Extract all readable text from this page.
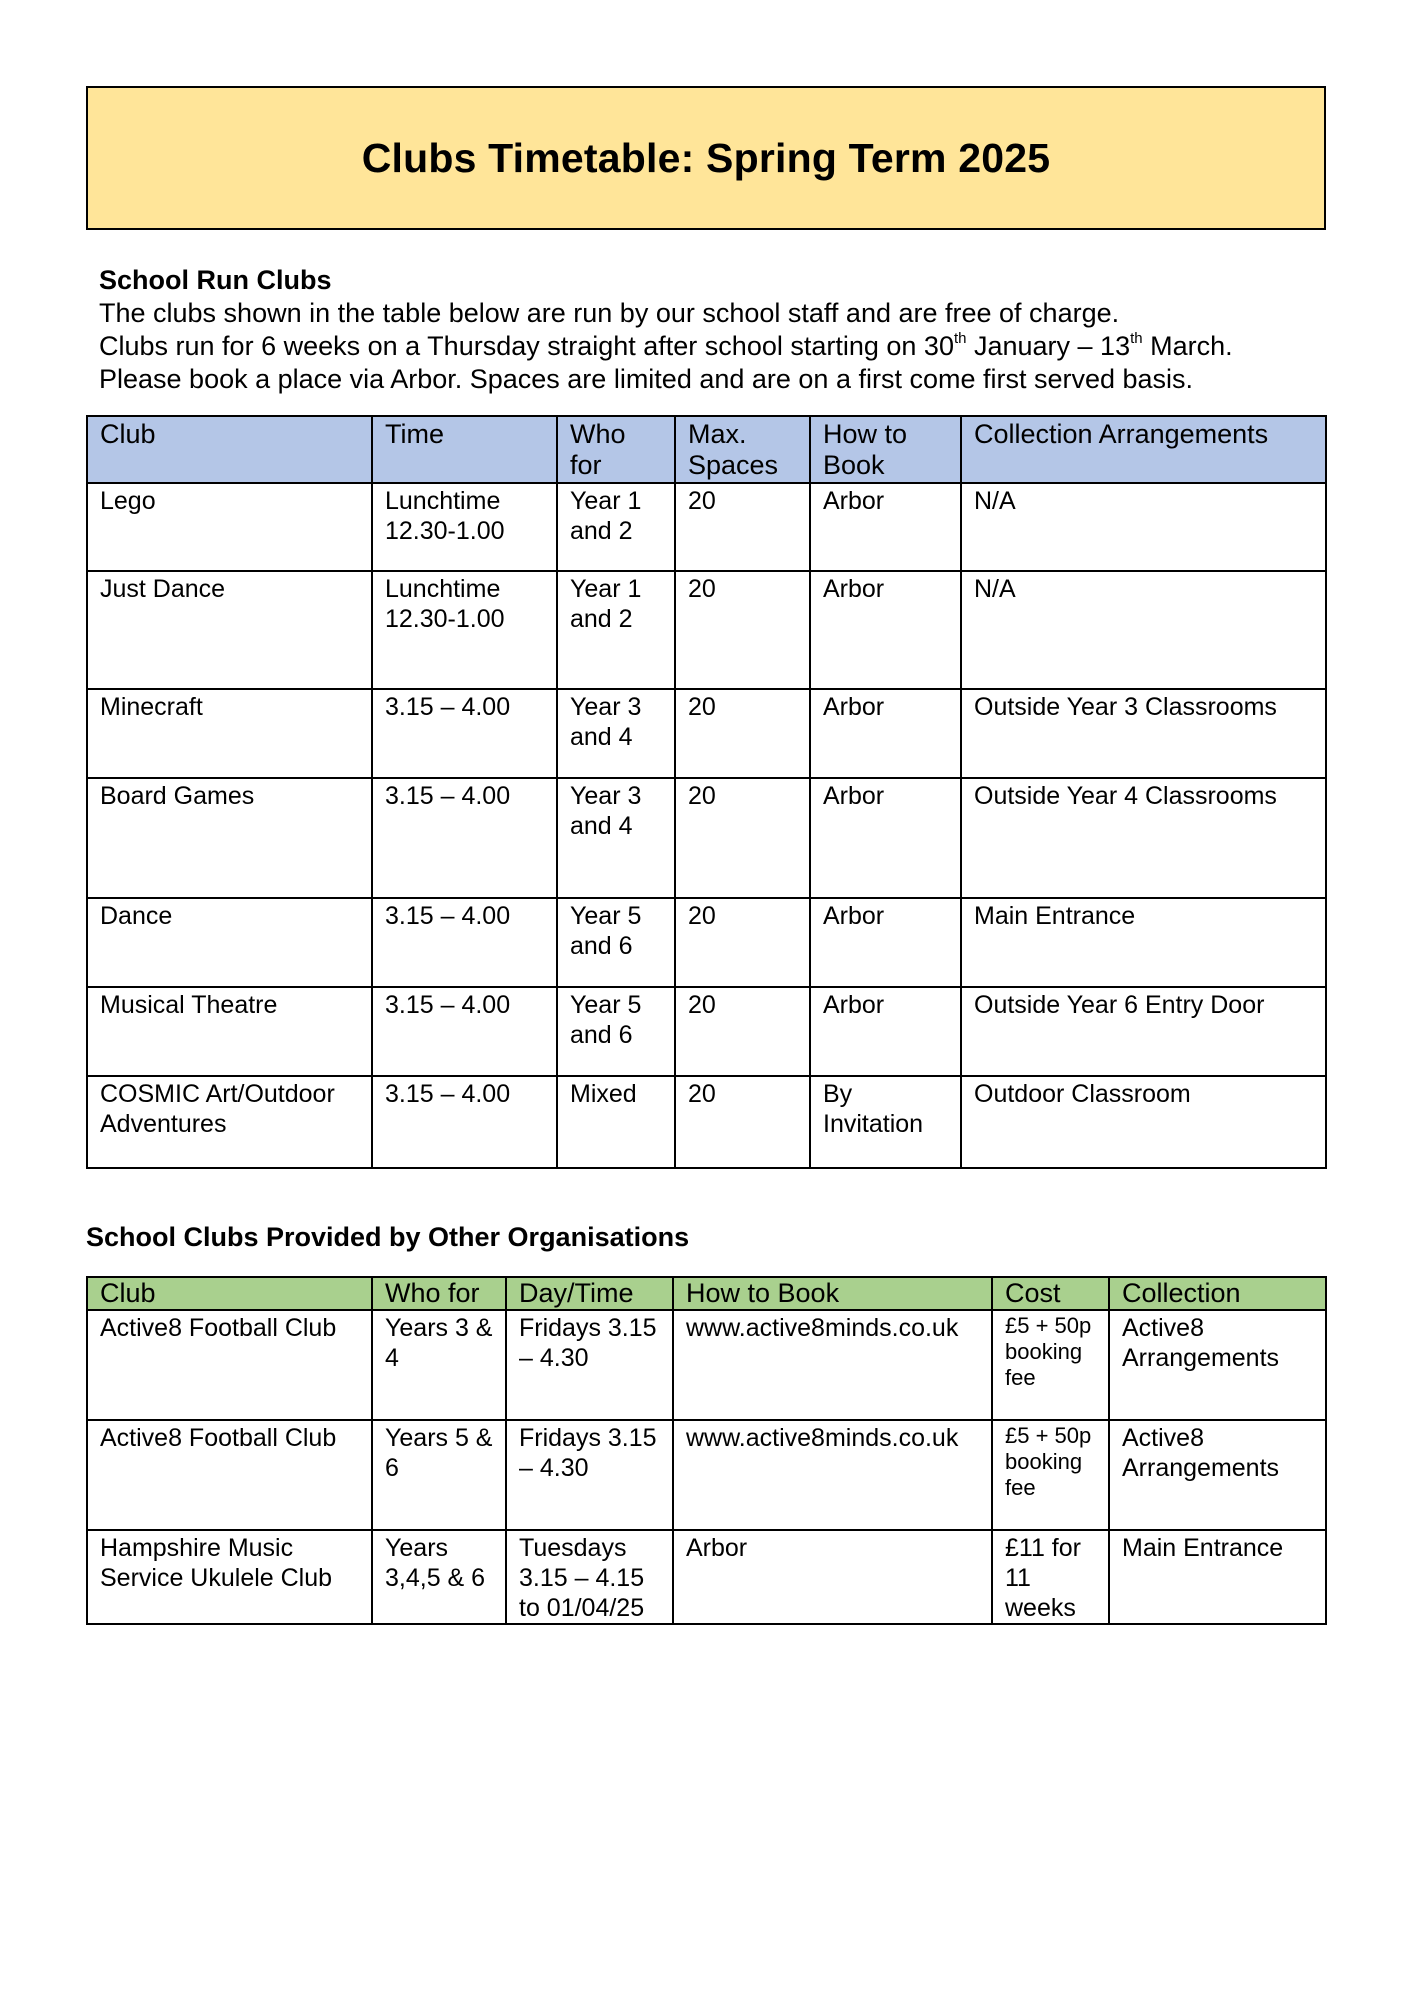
Clubs Timetable: Spring Term 2025
School Run Clubs
The clubs shown in the table below are run by our school staff and are free of charge.
Clubs run for 6 weeks on a Thursday straight after school starting on 30th January – 13th March.
Please book a place via Arbor. Spaces are limited and are on a first come first served basis.
Club	Time	Who for	Max. Spaces	How to Book	Collection Arrangements
Lego	Lunchtime 12.30-1.00	Year 1 and 2	20	Arbor	N/A
Just Dance	Lunchtime 12.30-1.00	Year 1 and 2	20	Arbor	N/A
Minecraft	3.15 – 4.00	Year 3 and 4	20	Arbor	Outside Year 3 Classrooms
Board Games	3.15 – 4.00	Year 3 and 4	20	Arbor	Outside Year 4 Classrooms
Dance	3.15 – 4.00	Year 5 and 6	20	Arbor	Main Entrance
Musical Theatre	3.15 – 4.00	Year 5 and 6	20	Arbor	Outside Year 6 Entry Door
COSMIC Art/Outdoor Adventures	3.15 – 4.00	Mixed	20	By Invitation	Outdoor Classroom
School Clubs Provided by Other Organisations
Club	Who for	Day/Time	How to Book	Cost	Collection
Active8 Football Club	Years 3 & 4	Fridays 3.15 – 4.30	www.active8minds.co.uk	£5 + 50p booking fee	Active8 Arrangements
Active8 Football Club	Years 5 & 6	Fridays 3.15 – 4.30	www.active8minds.co.uk	£5 + 50p booking fee	Active8 Arrangements
Hampshire Music Service Ukulele Club	Years 3,4,5 & 6	Tuesdays 3.15 – 4.15 to 01/04/25	Arbor	£11 for 11 weeks	Main Entrance
